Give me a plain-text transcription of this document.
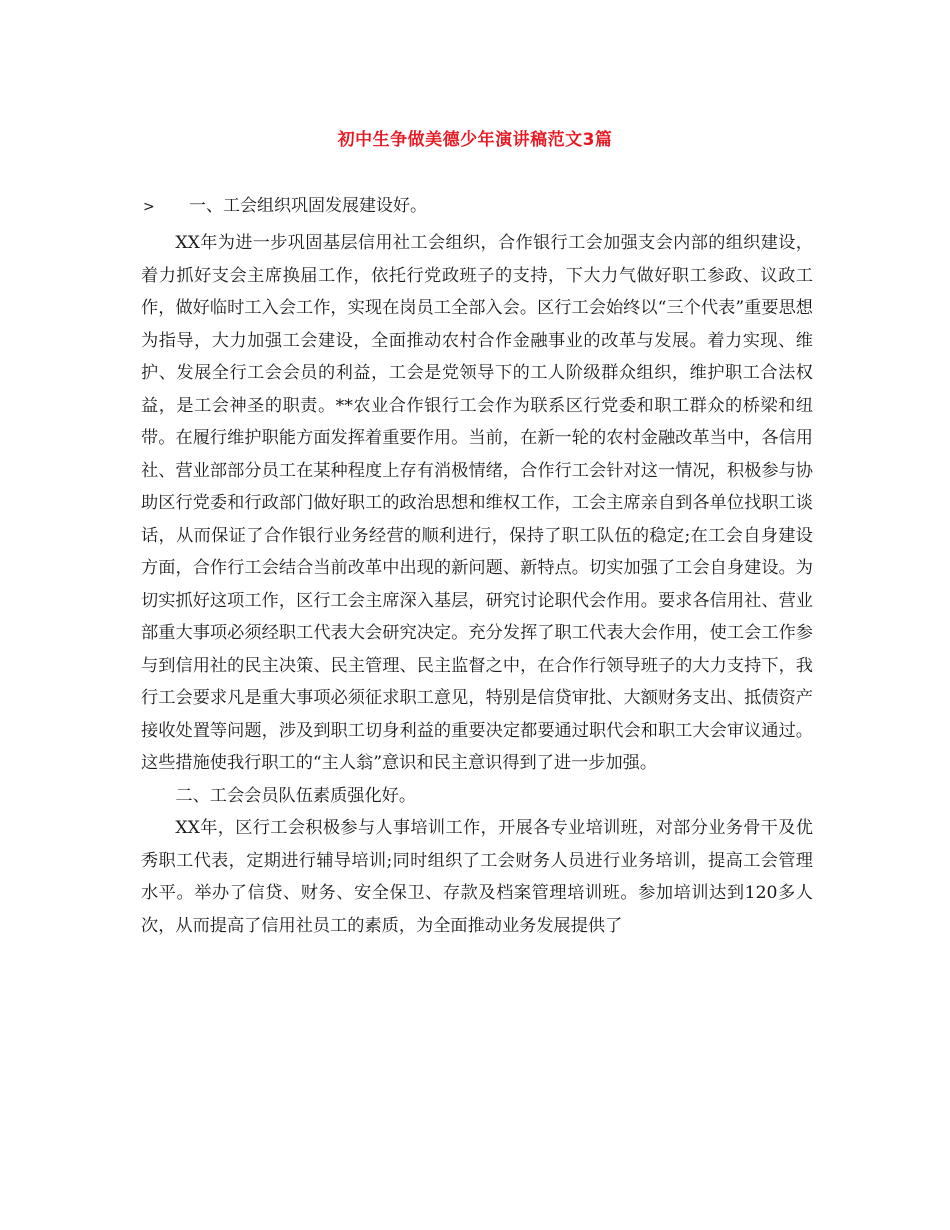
初中生争做美德少年演讲稿范文3篇
> 一、工会组织巩固发展建设好。

XX年为进一步巩固基层信用社工会组织，合作银行工会加强支会内部的组织建设，着力抓好支会主席换届工作，依托行党政班子的支持，下大力气做好职工参政、议政工作，做好临时工入会工作，实现在岗员工全部入会。区行工会始终以“三个代表”重要思想为指导，大力加强工会建设，全面推动农村合作金融事业的改革与发展。着力实现、维护、发展全行工会会员的利益，工会是党领导下的工人阶级群众组织，维护职工合法权益，是工会神圣的职责。**农业合作银行工会作为联系区行党委和职工群众的桥梁和纽带。在履行维护职能方面发挥着重要作用。当前，在新一轮的农村金融改革当中，各信用社、营业部部分员工在某种程度上存有消极情绪，合作行工会针对这一情况，积极参与协助区行党委和行政部门做好职工的政治思想和维权工作，工会主席亲自到各单位找职工谈话，从而保证了合作银行业务经营的顺利进行，保持了职工队伍的稳定;在工会自身建设方面，合作行工会结合当前改革中出现的新问题、新特点。切实加强了工会自身建设。为切实抓好这项工作，区行工会主席深入基层，研究讨论职代会作用。要求各信用社、营业部重大事项必须经职工代表大会研究决定。充分发挥了职工代表大会作用，使工会工作参与到信用社的民主决策、民主管理、民主监督之中，在合作行领导班子的大力支持下，我行工会要求凡是重大事项必须征求职工意见，特别是信贷审批、大额财务支出、抵债资产接收处置等问题，涉及到职工切身利益的重要决定都要通过职代会和职工大会审议通过。这些措施使我行职工的“主人翁”意识和民主意识得到了进一步加强。

二、工会会员队伍素质强化好。

XX年，区行工会积极参与人事培训工作，开展各专业培训班，对部分业务骨干及优秀职工代表，定期进行辅导培训;同时组织了工会财务人员进行业务培训，提高工会管理水平。举办了信贷、财务、安全保卫、存款及档案管理培训班。参加培训达到120多人次，从而提高了信用社员工的素质，为全面推动业务发展提供了
